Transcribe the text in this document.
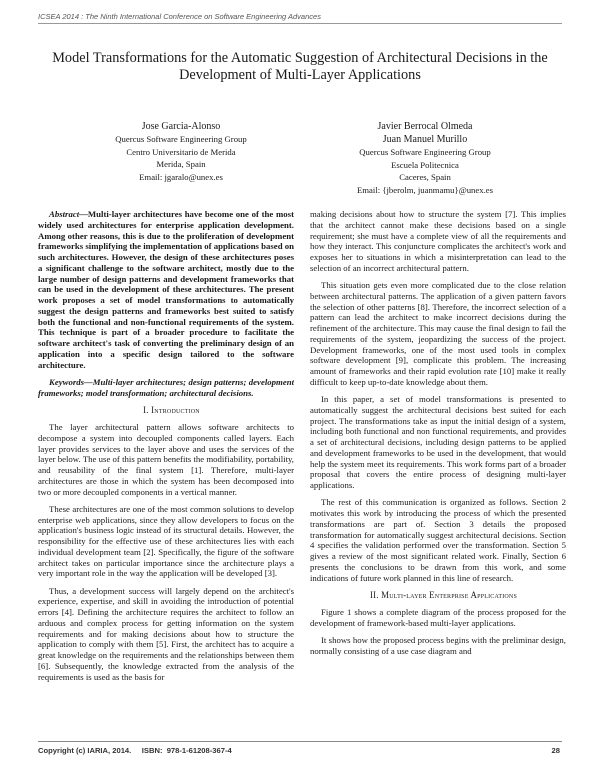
ICSEA 2014 : The Ninth International Conference on Software Engineering Advances
Model Transformations for the Automatic Suggestion of Architectural Decisions in the
Development of Multi-Layer Applications
Jose Garcia-Alonso
Quercus Software Engineering Group
Centro Universitario de Merida
Merida, Spain
Email: jgaralo@unex.es
Javier Berrocal Olmeda
Juan Manuel Murillo
Quercus Software Engineering Group
Escuela Politecnica
Caceres, Spain
Email: {jberolm, juanmamu}@unex.es

Abstract—Multi-layer architectures have become one of the most widely used architectures for enterprise application development. Among other reasons, this is due to the proliferation of development frameworks simplifying the implementation of applications based on such architectures. However, the design of these architectures poses a significant challenge to the software architect, mostly due to the large number of design patterns and development frameworks that can be used in the development of these architectures. The present work proposes a set of model transformations to automatically suggest the design patterns and frameworks best suited to satisfy both the functional and non-functional requirements of the system. This technique is part of a broader procedure to facilitate the software architect's task of converting the preliminary design of an application into a specific design tailored to the software architecture.

Keywords—Multi-layer architectures; design patterns; development frameworks; model transformation; architectural decisions.

I. Introduction

The layer architectural pattern allows software architects to decompose a system into decoupled components called layers. Each layer provides services to the layer above and uses the services of the layer below. The use of this pattern benefits the modifiability, portability, and reusability of the final system [1]. Therefore, multi-layer architectures are those in which the system has been decomposed into two or more decoupled components in a vertical manner.

These architectures are one of the most common solutions to develop enterprise web applications, since they allow developers to focus on the application's business logic instead of its structural details. However, the responsibility for the effective use of these architectures lies with each individual development team [2]. Specifically, the figure of the software architect takes on particular importance since the architecture plays a very important role in the way the application will be developed [3].

Thus, a development success will largely depend on the architect's experience, expertise, and skill in avoiding the introduction of potential errors [4]. Defining the architecture requires the architect to follow an arduous and complex process for getting information on the system requirements and for making decisions about how to structure the application to comply with them [5]. First, the architect has to acquire a great knowledge on the requirements and the relationships between them [6]. Subsequently, the knowledge extracted from the analysis of the requirements is used as the basis for

making decisions about how to structure the system [7]. This implies that the architect cannot make these decisions based on a single requirement; she must have a complete view of all the requirements and how they interact. This conjuncture complicates the architect's work and exposes her to situations in which a misinterpretation can lead to the selection of an incorrect architectural pattern.

This situation gets even more complicated due to the close relation between architectural patterns. The application of a given pattern favors the selection of other patterns [8]. Therefore, the incorrect selection of a pattern can lead the architect to make incorrect decisions during the refinement of the architecture. This may cause the final design to fail the requirements of the system, jeopardizing the success of the project. Development frameworks, one of the most used tools in complex software development [9], complicate this problem. The increasing amount of frameworks and their rapid evolution rate [10] make it really difficult to keep up-to-date knowledge about them.

In this paper, a set of model transformations is presented to automatically suggest the architectural decisions best suited for each project. The transformations take as input the initial design of a system, including both functional and non functional requirements, and provides a set of architectural decisions, including design patterns to be applied and development frameworks to be used in the development, that would help the system meet its requirements. This work forms part of a broader proposal that covers the entire process of designing multi-layer applications.

The rest of this communication is organized as follows. Section 2 motivates this work by introducing the process of which the presented transformations are part of. Section 3 details the proposed transformation for automatically suggest architectural decisions. Section 4 specifies the validation performed over the transformation. Section 5 gives a review of the most significant related work. Finally, Section 6 presents the conclusions to be drawn from this work, and some indications of future work planned in this line of research.

II. Multi-layer Enterprise Applications

Figure 1 shows a complete diagram of the process proposed for the development of framework-based multi-layer applications.

It shows how the proposed process begins with the preliminar design, normally consisting of a use case diagram and

Copyright (c) IARIA, 2014.     ISBN:  978-1-61208-367-4	28
